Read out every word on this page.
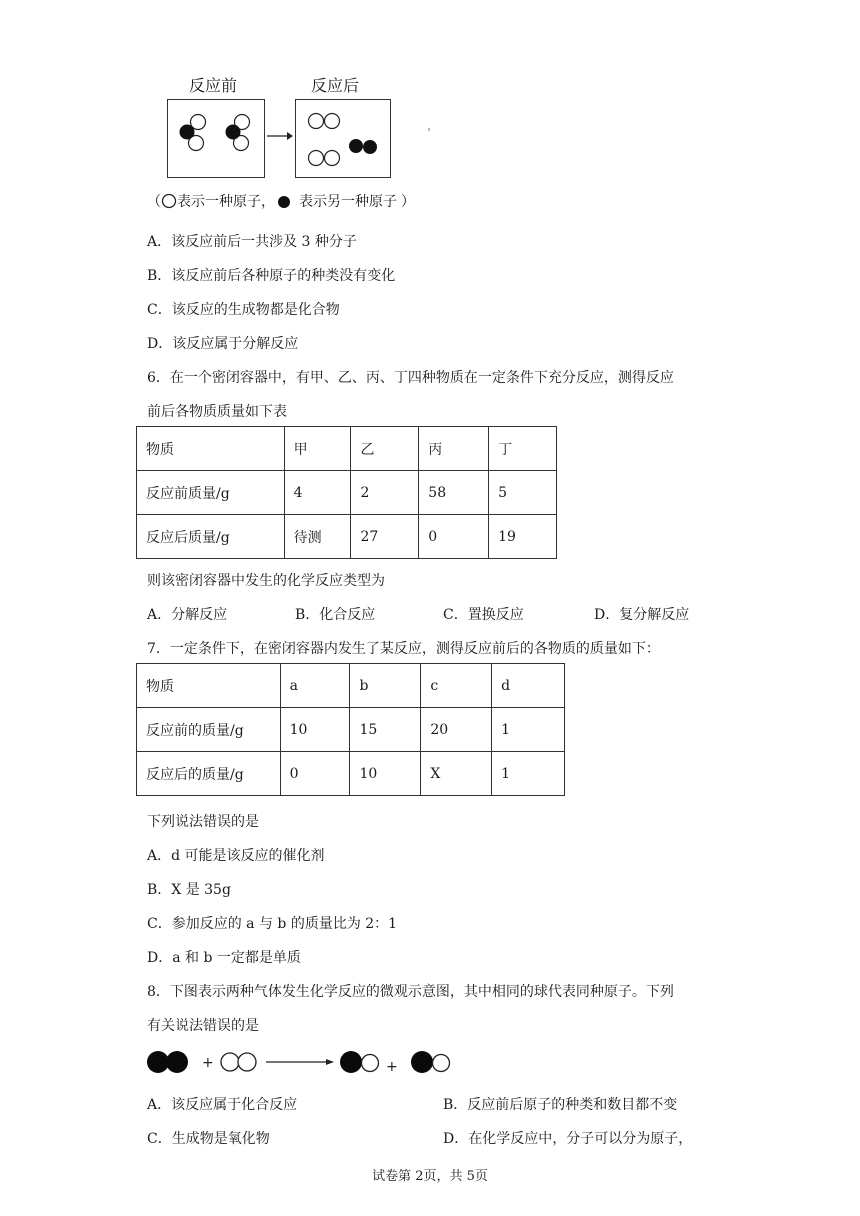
反应前	反应后
（ 表示一种原子， 表示另一种原子 ）
A．该反应前后一共涉及 3 种分子
B．该反应前后各种原子的种类没有变化
C．该反应的生成物都是化合物
D．该反应属于分解反应
6．在一个密闭容器中，有甲、乙、丙、丁四种物质在一定条件下充分反应，测得反应
前后各物质质量如下表
物质	甲	乙	丙	丁
反应前质量/g	4	2	58	5
反应后质量/g	待测	27	0	19
则该密闭容器中发生的化学反应类型为
A．分解反应	B．化合反应	C．置换反应	D．复分解反应
7．一定条件下，在密闭容器内发生了某反应，测得反应前后的各物质的质量如下：
物质	a	b	c	d
反应前的质量/g	10	15	20	1
反应后的质量/g	0	10	X	1
下列说法错误的是
A．d 可能是该反应的催化剂
B．X 是 35g
C．参加反应的 a 与 b 的质量比为 2：1
D．a 和 b 一定都是单质
8．下图表示两种气体发生化学反应的微观示意图，其中相同的球代表同种原子。下列
有关说法错误的是
+	+
A．该反应属于化合反应	B．反应前后原子的种类和数目都不变
C．生成物是氧化物	D．在化学反应中，分子可以分为原子，
试卷第 2页，共 5页
